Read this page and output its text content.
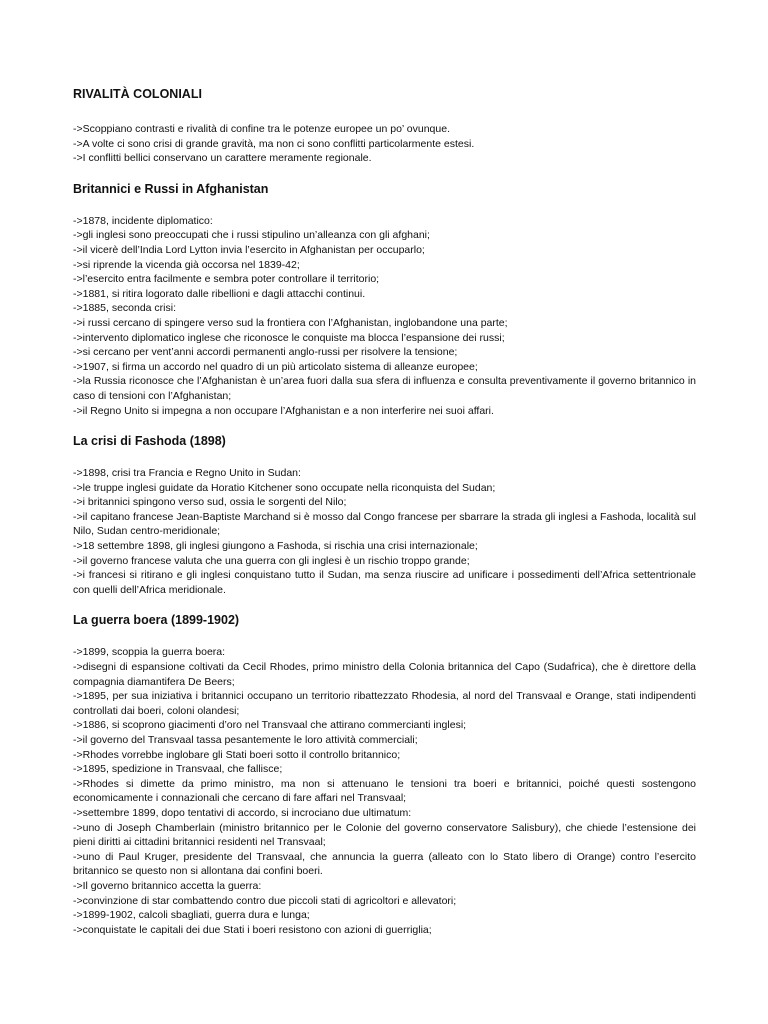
RIVALITÀ COLONIALI
->Scoppiano contrasti e rivalità di confine tra le potenze europee un po’ ovunque.
->A volte ci sono crisi di grande gravità, ma non ci sono conflitti particolarmente estesi.
->I conflitti bellici conservano un carattere meramente regionale.
Britannici e Russi in Afghanistan
->1878, incidente diplomatico:
->gli inglesi sono preoccupati che i russi stipulino un’alleanza con gli afghani;
->il vicerè dell’India Lord Lytton invia l’esercito in Afghanistan per occuparlo;
->si riprende la vicenda già occorsa nel 1839-42;
->l’esercito entra facilmente e sembra poter controllare il territorio;
->1881, si ritira logorato dalle ribellioni e dagli attacchi continui.
->1885, seconda crisi:
->i russi cercano di spingere verso sud la frontiera con l’Afghanistan, inglobandone una parte;
->intervento diplomatico inglese che riconosce le conquiste ma blocca l’espansione dei russi;
->si cercano per vent’anni accordi permanenti anglo-russi per risolvere la tensione;
->1907, si firma un accordo nel quadro di un più articolato sistema di alleanze europee;
->la Russia riconosce che l’Afghanistan è un’area fuori dalla sua sfera di influenza e consulta preventivamente il governo britannico in caso di tensioni con l’Afghanistan;
->il Regno Unito si impegna a non occupare l’Afghanistan e a non interferire nei suoi affari.
La crisi di Fashoda (1898)
->1898, crisi tra Francia e Regno Unito in Sudan:
->le truppe inglesi guidate da Horatio Kitchener sono occupate nella riconquista del Sudan;
->i britannici spingono verso sud, ossia le sorgenti del Nilo;
->il capitano francese Jean-Baptiste Marchand si è mosso dal Congo francese per sbarrare la strada gli inglesi a Fashoda, località sul Nilo, Sudan centro-meridionale;
->18 settembre 1898, gli inglesi giungono a Fashoda, si rischia una crisi internazionale;
->il governo francese valuta che una guerra con gli inglesi è un rischio troppo grande;
->i francesi si ritirano e gli inglesi conquistano tutto il Sudan, ma senza riuscire ad unificare i possedimenti dell’Africa settentrionale con quelli dell’Africa meridionale.
La guerra boera (1899-1902)
->1899, scoppia la guerra boera:
->disegni di espansione coltivati da Cecil Rhodes, primo ministro della Colonia britannica del Capo (Sudafrica), che è direttore della compagnia diamantifera De Beers;
->1895, per sua iniziativa i britannici occupano un territorio ribattezzato Rhodesia, al nord del Transvaal e Orange, stati indipendenti controllati dai boeri, coloni olandesi;
->1886, si scoprono giacimenti d’oro nel Transvaal che attirano commercianti inglesi;
->il governo del Transvaal tassa pesantemente le loro attività commerciali;
->Rhodes vorrebbe inglobare gli Stati boeri sotto il controllo britannico;
->1895, spedizione in Transvaal, che fallisce;
->Rhodes si dimette da primo ministro, ma non si attenuano le tensioni tra boeri e britannici, poiché questi sostengono economicamente i connazionali che cercano di fare affari nel Transvaal;
->settembre 1899, dopo tentativi di accordo, si incrociano due ultimatum:
->uno di Joseph Chamberlain (ministro britannico per le Colonie del governo conservatore Salisbury), che chiede l’estensione dei pieni diritti ai cittadini britannici residenti nel Transvaal;
->uno di Paul Kruger, presidente del Transvaal, che annuncia la guerra (alleato con lo Stato libero di Orange) contro l’esercito britannico se questo non si allontana dai confini boeri.
->Il governo britannico accetta la guerra:
->convinzione di star combattendo contro due piccoli stati di agricoltori e allevatori;
->1899-1902, calcoli sbagliati, guerra dura e lunga;
->conquistate le capitali dei due Stati i boeri resistono con azioni di guerriglia;
